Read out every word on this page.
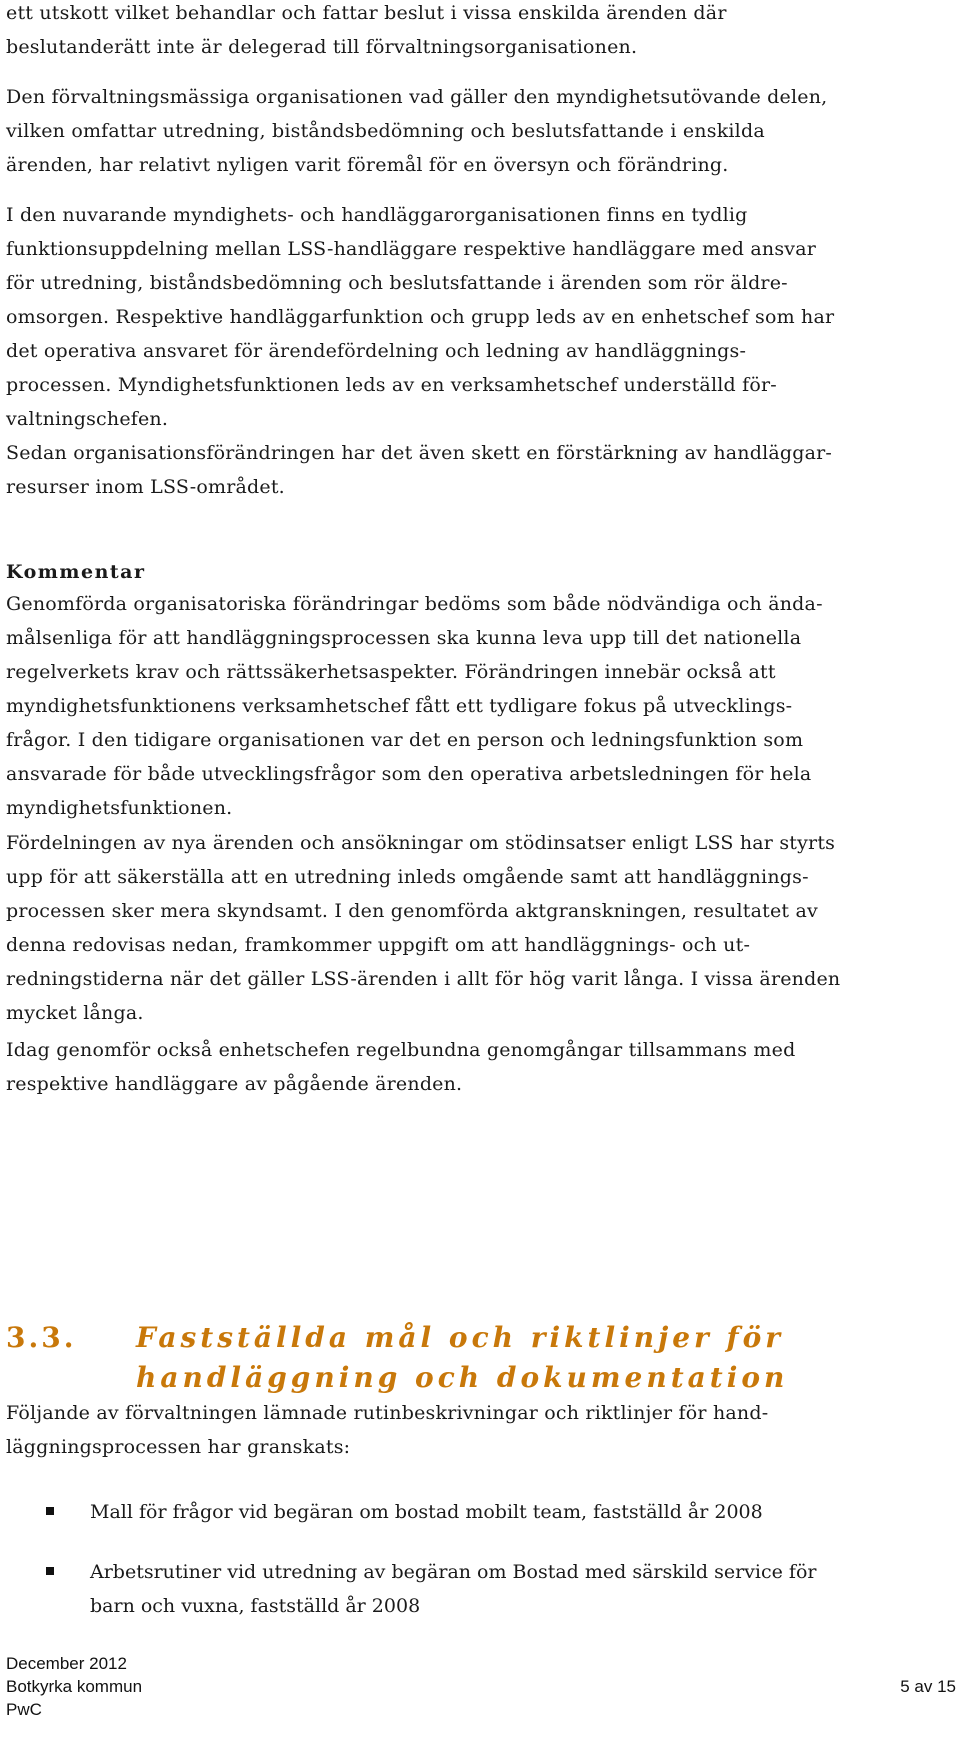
ett utskott vilket behandlar och fattar beslut i vissa enskilda ärenden där
beslutanderätt inte är delegerad till förvaltningsorganisationen.
Den förvaltningsmässiga organisationen vad gäller den myndighetsutövande delen,
vilken omfattar utredning, biståndsbedömning och beslutsfattande i enskilda
ärenden, har relativt nyligen varit föremål för en översyn och förändring.
I den nuvarande myndighets- och handläggarorganisationen finns en tydlig
funktionsuppdelning mellan LSS-handläggare respektive handläggare med ansvar
för utredning, biståndsbedömning och beslutsfattande i ärenden som rör äldre-
omsorgen. Respektive handläggarfunktion och grupp leds av en enhetschef som har
det operativa ansvaret för ärendefördelning och ledning av handläggnings-
processen. Myndighetsfunktionen leds av en verksamhetschef underställd för-
valtningschefen.
Sedan organisationsförändringen har det även skett en förstärkning av handläggar-
resurser inom LSS-området.
Kommentar
Genomförda organisatoriska förändringar bedöms som både nödvändiga och ända-
målsenliga för att handläggningsprocessen ska kunna leva upp till det nationella
regelverkets krav och rättssäkerhetsaspekter. Förändringen innebär också att
myndighetsfunktionens verksamhetschef fått ett tydligare fokus på utvecklings-
frågor. I den tidigare organisationen var det en person och ledningsfunktion som
ansvarade för både utvecklingsfrågor som den operativa arbetsledningen för hela
myndighetsfunktionen.
Fördelningen av nya ärenden och ansökningar om stödinsatser enligt LSS har styrts
upp för att säkerställa att en utredning inleds omgående samt att handläggnings-
processen sker mera skyndsamt. I den genomförda aktgranskningen, resultatet av
denna redovisas nedan, framkommer uppgift om att handläggnings- och ut-
redningstiderna när det gäller LSS-ärenden i allt för hög varit långa. I vissa ärenden
mycket långa.
Idag genomför också enhetschefen regelbundna genomgångar tillsammans med
respektive handläggare av pågående ärenden.
3.3. Fastställda mål och riktlinjer för
handläggning och dokumentation
Följande av förvaltningen lämnade rutinbeskrivningar och riktlinjer för hand-
läggningsprocessen har granskats:
Mall för frågor vid begäran om bostad mobilt team, fastställd år 2008
Arbetsrutiner vid utredning av begäran om Bostad med särskild service för
barn och vuxna, fastställd år 2008
December 2012
Botkyrka kommun
PwC
5 av 15
